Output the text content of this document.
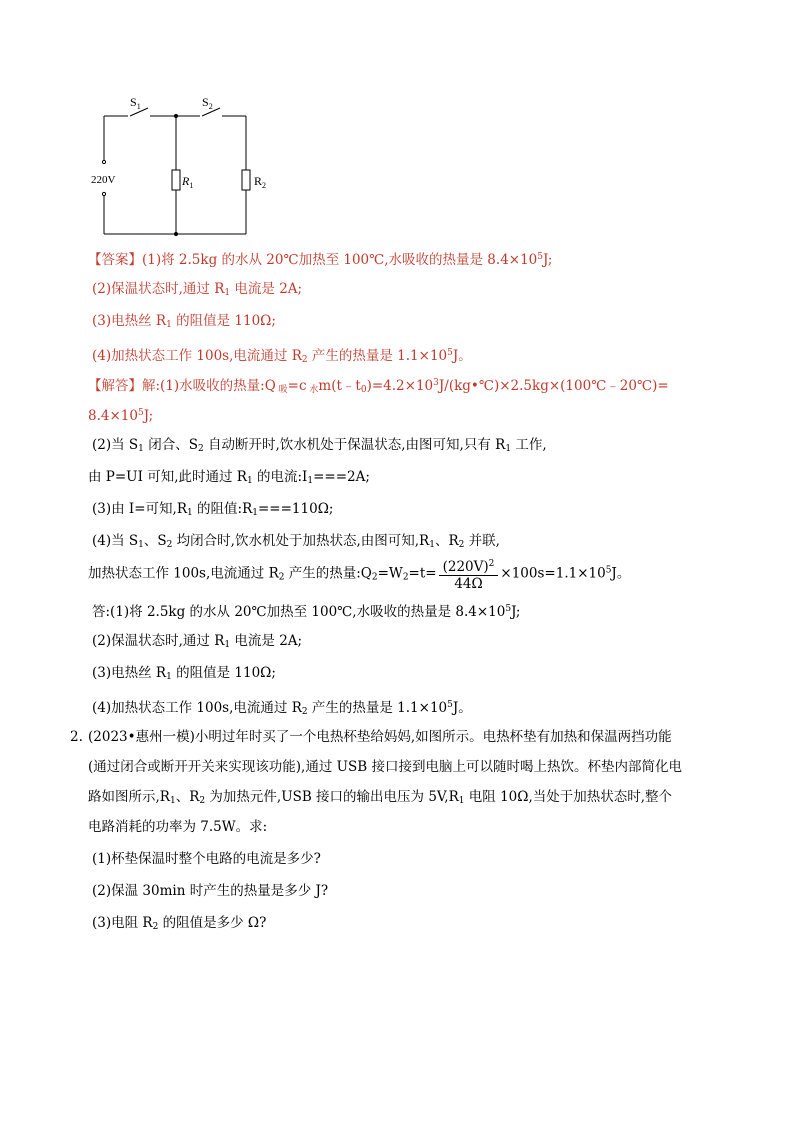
$S_1$	$S_2$
220V	$R_1$	$R_2$
【答案】(1)将 2.5kg 的水从 20℃加热至 100℃,水吸收的热量是 $8.4\times 10^5J$;
(2)保温状态时,通过 $R_1$ 电流是 2A;
(3)电热丝 $R_1$ 的阻值是 110Ω;
(4)加热状态工作 100s,电流通过 $R_2$ 产生的热量是 $1.1\times 10^5J$。
【解答】解:(1)水吸收的热量:Q $_吸$=c $_水m(t﹣t_0)=4.2\times 10^3J/(kg•℃)\times 2.5kg\times(100℃﹣20℃)=$
$8.4\times 10^5J$;
(2)当 $S_1$ 闭合、$S_2$ 自动断开时,饮水机处于保温状态,由图可知,只有 $R_1$ 工作,
由 P=UI 可知,此时通过 $R_1$ 的电流$:I_1===2A$;
(3)由 I=可知$,R_1$ 的阻值$:R_1===110\Omega$;
(4)当 $S_1$、$S_2$ 均闭合时,饮水机处于加热状态,由图可知$,R_1$、$R_2$ 并联,
加热状态工作 100s,电流通过 $R_2$ 产生的热量$:Q_2=W_2=t= \frac{(220V)^2}{44\Omega} \times 100s=1.1\times 10^5J$。
答:(1)将 2.5kg 的水从 20℃加热至 100℃,水吸收的热量是 $8.4\times 10^5J$;
(2)保温状态时,通过 $R_1$ 电流是 2A;
(3)电热丝 $R_1$ 的阻值是 110Ω;
(4)加热状态工作 100s,电流通过 $R_2$ 产生的热量是 $1.1\times 10^5J$。
2. (2023•惠州一模)小明过年时买了一个电热杯垫给妈妈,如图所示。电热杯垫有加热和保温两挡功能
(通过闭合或断开开关来实现该功能),通过 USB 接口接到电脑上可以随时喝上热饮。杯垫内部简化电
路如图所示$,R_1$、$R_2$ 为加热元件,USB 接口的输出电压为 $5V,R_1$ 电阻 10Ω,当处于加热状态时,整个
电路消耗的功率为 7.5W。求:
(1)杯垫保温时整个电路的电流是多少?
(2)保温 30min 时产生的热量是多少 J?
(3)电阻 $R_2$ 的阻值是多少 Ω?
